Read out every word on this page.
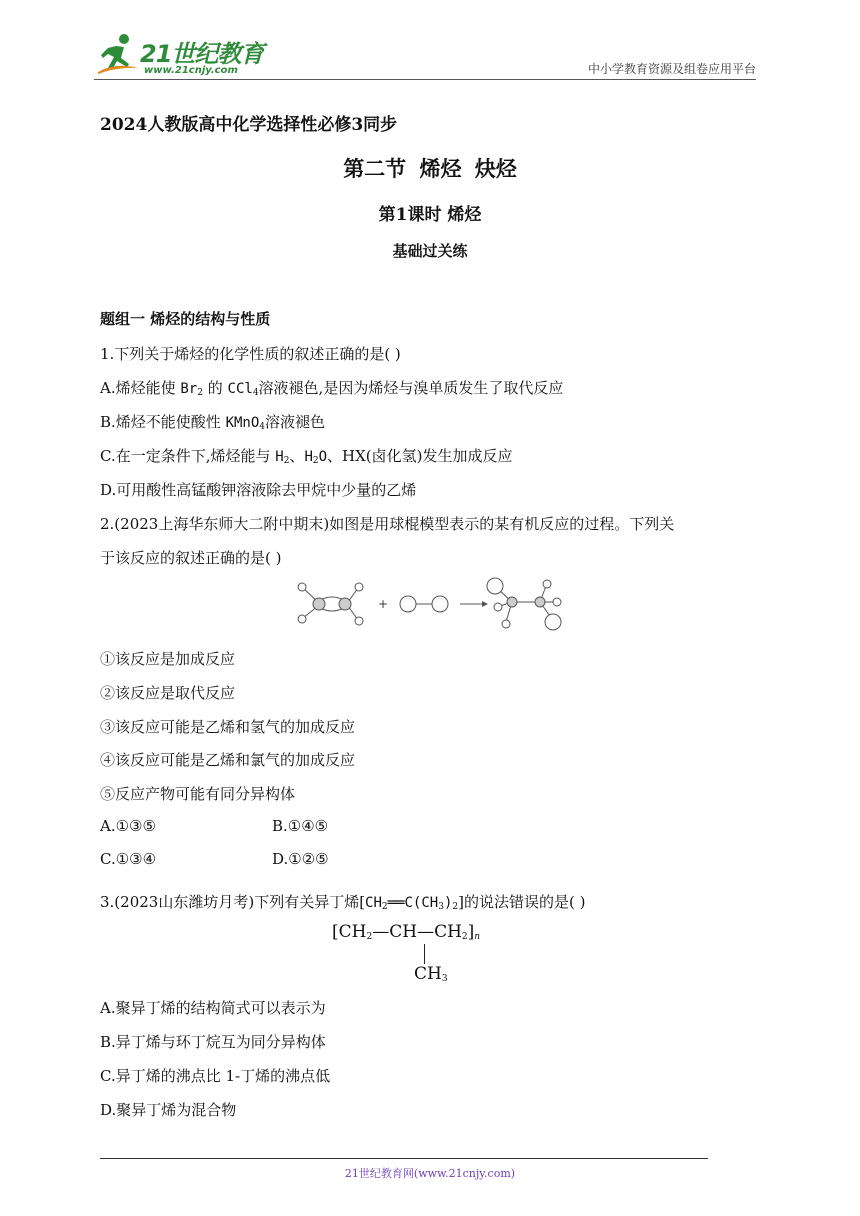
21世纪教育
www.21cnjy.com	中小学教育资源及组卷应用平台
2024人教版高中化学选择性必修3同步
第二节 烯烃 炔烃
第1课时 烯烃
基础过关练
题组一 烯烃的结构与性质
1.下列关于烯烃的化学性质的叙述正确的是( )
A.烯烃能使 $Br_2$ 的 CCl$_4$溶液褪色,是因为烯烃与溴单质发生了取代反应
B.烯烃不能使酸性 KMnO$_4$溶液褪色
C.在一定条件下,烯烃能与 $H_2$、$H_2O$、HX(卤化氢)发生加成反应
D.可用酸性高锰酸钾溶液除去甲烷中少量的乙烯
2.(2023上海华东师大二附中期末)如图是用球棍模型表示的某有机反应的过程。下列关
于该反应的叙述正确的是( )
+
①该反应是加成反应
②该反应是取代反应
③该反应可能是乙烯和氢气的加成反应
④该反应可能是乙烯和氯气的加成反应
⑤反应产物可能有同分异构体
A.①③⑤	B.①④⑤
C.①③④	D.①②⑤
3.(2023山东潍坊月考)下列有关异丁烯$[CH_2══C(CH_3)_2]$的说法错误的是( )
$[CH_2—CH—CH_2]_n$
$CH_3$
A.聚异丁烯的结构简式可以表示为
B.异丁烯与环丁烷互为同分异构体
C.异丁烯的沸点比 1-丁烯的沸点低
D.聚异丁烯为混合物
21世纪教育网(www.21cnjy.com)
